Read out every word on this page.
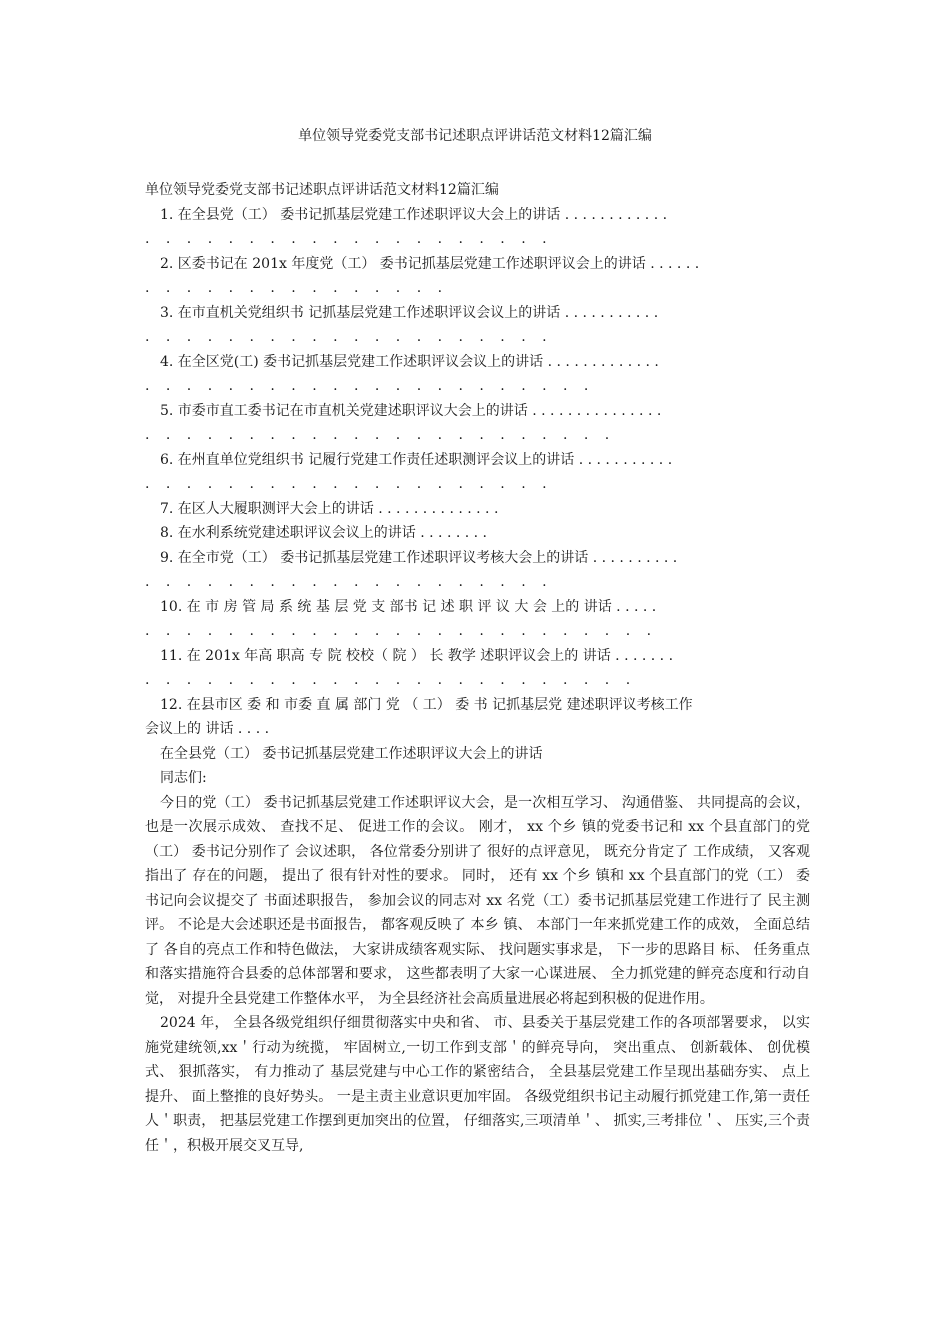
单位领导党委党支部书记述职点评讲话范文材料12篇汇编
单位领导党委党支部书记述职点评讲话范文材料12篇汇编
1. 在全县党（工） 委书记抓基层党建工作述职评议大会上的讲话 . . . . . . . . . . . .
. . . . . . . . . . . . . . . . . . . .
2. 区委书记在 201x 年度党（工） 委书记抓基层党建工作述职评议会上的讲话 . . . . . .
. . . . . . . . . . . . . . .
3. 在市直机关党组织书 记抓基层党建工作述职评议会议上的讲话 . . . . . . . . . . .
. . . . . . . . . . . . . . . . . . . .
4. 在全区党(工) 委书记抓基层党建工作述职评议会议上的讲话 . . . . . . . . . . . . .
. . . . . . . . . . . . . . . . . . . . . .
5. 市委市直工委书记在市直机关党建述职评议大会上的讲话 . . . . . . . . . . . . . . .
. . . . . . . . . . . . . . . . . . . . . . .
6. 在州直单位党组织书 记履行党建工作责任述职测评会议上的讲话 . . . . . . . . . . .
. . . . . . . . . . . . . . . . . . . .
7. 在区人大履职测评大会上的讲话 . . . . . . . . . . . . . .
8. 在水利系统党建述职评议会议上的讲话 . . . . . . . .
9. 在全市党（工） 委书记抓基层党建工作述职评议考核大会上的讲话 . . . . . . . . . .
. . . . . . . . . . . . . . . . . . . .
10. 在 市 房 管 局 系 统 基 层 党 支 部书 记 述 职 评 议 大 会 上的 讲话 . . . . .
. . . . . . . . . . . . . . . . . . . . . . . . .
11. 在 201x 年高 职高 专 院 校校（ 院 ） 长 教学 述职评议会上的 讲话 . . . . . . .
. . . . . . . . . . . . . . . . . . . . . . . .
12. 在县市区 委 和 市委 直 属 部门 党 （ 工） 委 书 记抓基层党 建述职评议考核工作
会议上的 讲话 . . . .
在全县党（工） 委书记抓基层党建工作述职评议大会上的讲话
同志们:

今日的党（工） 委书记抓基层党建工作述职评议大会，是一次相互学习、 沟通借鉴、 共同提高的会议， 也是一次展示成效、 查找不足、 促进工作的会议。 刚才， xx 个乡 镇的党委书记和 xx 个县直部门的党（工） 委书记分别作了 会议述职， 各位常委分别讲了 很好的点评意见， 既充分肯定了 工作成绩， 又客观指出了 存在的问题， 提出了 很有针对性的要求。 同时， 还有 xx 个乡 镇和 xx 个县直部门的党（工） 委书记向会议提交了 书面述职报告， 参加会议的同志对 xx 名党（工）委书记抓基层党建工作进行了 民主测评。 不论是大会述职还是书面报告， 都客观反映了 本乡 镇、 本部门一年来抓党建工作的成效， 全面总结了 各自的亮点工作和特色做法， 大家讲成绩客观实际、 找问题实事求是， 下一步的思路目 标、 任务重点和落实措施符合县委的总体部署和要求， 这些都表明了大家一心谋进展、 全力抓党建的鲜亮态度和行动自觉， 对提升全县党建工作整体水平， 为全县经济社会高质量进展必将起到积极的促进作用。

2024 年， 全县各级党组织仔细贯彻落实中央和省、 市、县委关于基层党建工作的各项部署要求， 以实施党建统领,xx＇行动为统揽， 牢固树立,一切工作到支部＇的鲜亮导向， 突出重点、 创新载体、 创优模式、 狠抓落实， 有力推动了 基层党建与中心工作的紧密结合， 全县基层党建工作呈现出基础夯实、 点上提升、 面上整推的良好势头。 一是主责主业意识更加牢固。 各级党组织书记主动履行抓党建工作,第一责任人＇职责， 把基层党建工作摆到更加突出的位置， 仔细落实,三项清单＇、 抓实,三考排位＇、 压实,三个责任＇，积极开展交叉互导,
